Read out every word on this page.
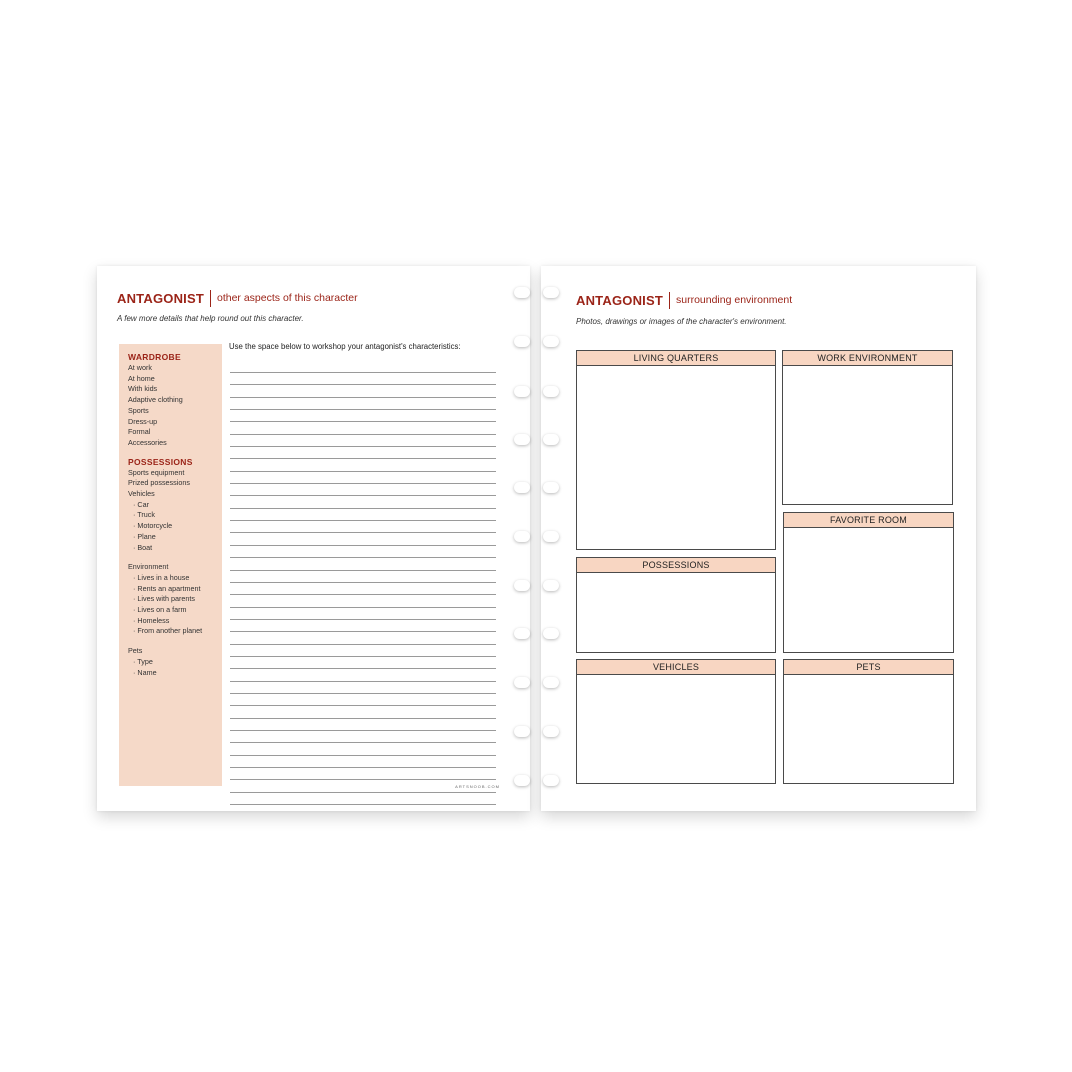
ANTAGONIST	other aspects of this character
A few more details that help round out this character.
WARDROBE
At work
At home
With kids
Adaptive clothing
Sports
Dress-up
Formal
Accessories
POSSESSIONS
Sports equipment
Prized possessions
Vehicles
· Car
· Truck
· Motorcycle
· Plane
· Boat
Environment
· Lives in a house
· Rents an apartment
· Lives with parents
· Lives on a farm
· Homeless
· From another planet
Pets
· Type
· Name
Use the space below to workshop your antagonist's characteristics:
ARTSNOOB.COM
ANTAGONIST	surrounding environment
Photos, drawings or images of the character's environment.
LIVING QUARTERS	WORK ENVIRONMENT
FAVORITE ROOM
POSSESSIONS
VEHICLES	PETS
